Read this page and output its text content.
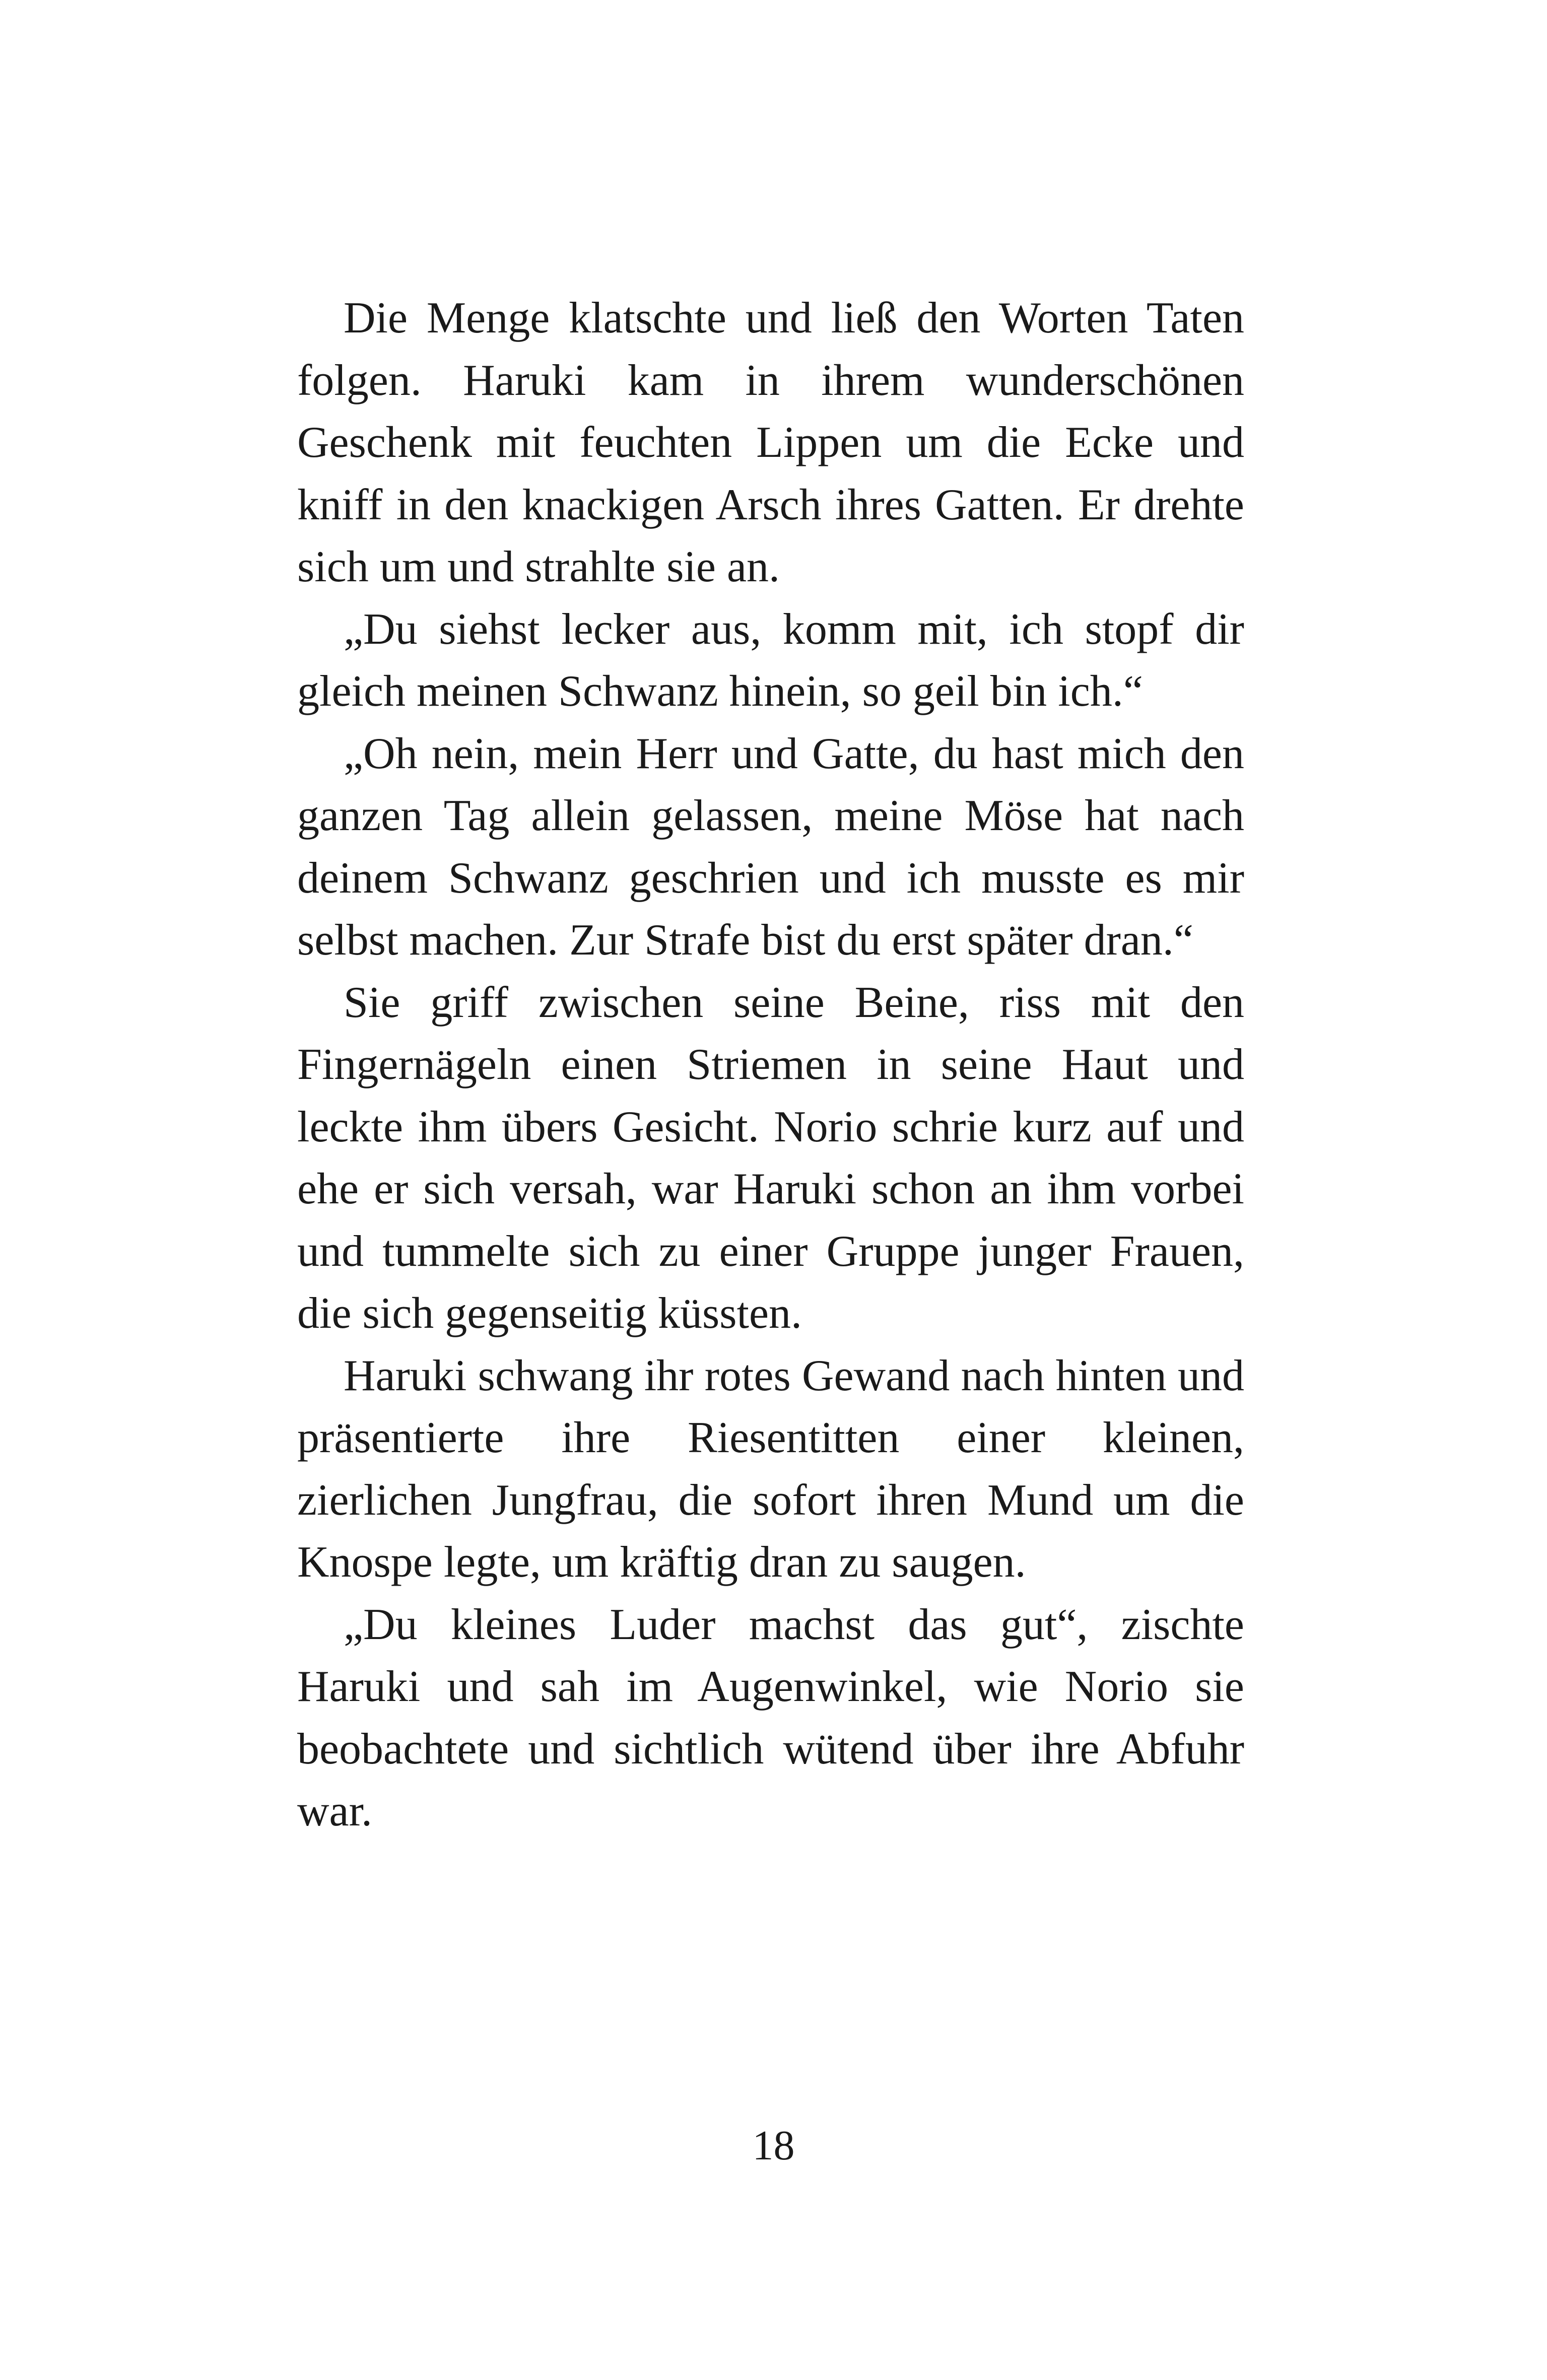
Die Menge klatschte und ließ den Worten Taten folgen. Haruki kam in ihrem wunderschönen Geschenk mit feuchten Lippen um die Ecke und kniff in den knackigen Arsch ihres Gatten. Er drehte sich um und strahlte sie an.

„Du siehst lecker aus, komm mit, ich stopf dir gleich meinen Schwanz hinein, so geil bin ich.“

„Oh nein, mein Herr und Gatte, du hast mich den ganzen Tag allein gelassen, meine Möse hat nach deinem Schwanz geschrien und ich musste es mir selbst machen. Zur Strafe bist du erst später dran.“

Sie griff zwischen seine Beine, riss mit den Fingernägeln einen Striemen in seine Haut und leckte ihm übers Gesicht. Norio schrie kurz auf und ehe er sich versah, war Haruki schon an ihm vorbei und tummelte sich zu einer Gruppe junger Frauen, die sich gegenseitig küssten.

Haruki schwang ihr rotes Gewand nach hinten und präsentierte ihre Riesentitten einer kleinen, zierlichen Jungfrau, die sofort ihren Mund um die Knospe legte, um kräftig dran zu saugen.

„Du kleines Luder machst das gut“, zischte Haruki und sah im Augenwinkel, wie Norio sie beobachtete und sichtlich wütend über ihre Abfuhr war.

18
